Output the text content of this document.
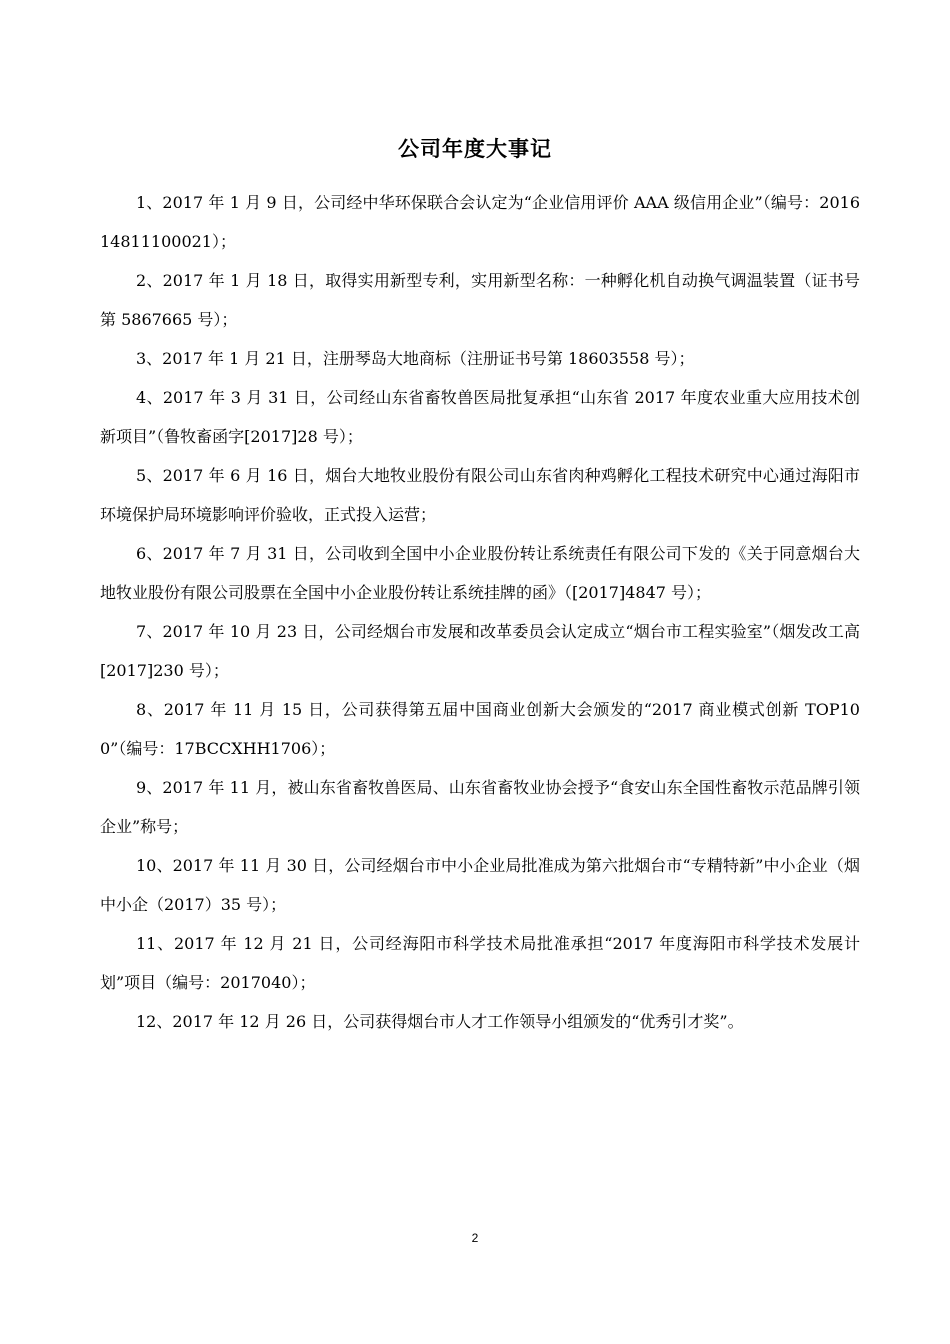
公司年度大事记

1、2017 年 1 月 9 日，公司经中华环保联合会认定为“企业信用评价 AAA 级信用企业”（编号：201614811100021）；

2、2017 年 1 月 18 日，取得实用新型专利，实用新型名称：一种孵化机自动换气调温装置（证书号第 5867665 号）；

3、2017 年 1 月 21 日，注册琴岛大地商标（注册证书号第 18603558 号）；

4、2017 年 3 月 31 日，公司经山东省畜牧兽医局批复承担“山东省 2017 年度农业重大应用技术创新项目”（鲁牧畜函字[2017]28 号）；

5、2017 年 6 月 16 日，烟台大地牧业股份有限公司山东省肉种鸡孵化工程技术研究中心通过海阳市环境保护局环境影响评价验收，正式投入运营；

6、2017 年 7 月 31 日，公司收到全国中小企业股份转让系统责任有限公司下发的《关于同意烟台大地牧业股份有限公司股票在全国中小企业股份转让系统挂牌的函》（[2017]4847 号）；

7、2017 年 10 月 23 日，公司经烟台市发展和改革委员会认定成立“烟台市工程实验室”（烟发改工高[2017]230 号）；

8、2017 年 11 月 15 日，公司获得第五届中国商业创新大会颁发的“2017 商业模式创新 TOP100”（编号：17BCCXHH1706）；

9、2017 年 11 月，被山东省畜牧兽医局、山东省畜牧业协会授予“食安山东全国性畜牧示范品牌引领企业”称号；

10、2017 年 11 月 30 日，公司经烟台市中小企业局批准成为第六批烟台市“专精特新”中小企业（烟中小企（2017）35 号）；

11、2017 年 12 月 21 日，公司经海阳市科学技术局批准承担“2017 年度海阳市科学技术发展计划”项目（编号：2017040）；

12、2017 年 12 月 26 日，公司获得烟台市人才工作领导小组颁发的“优秀引才奖”。

2
